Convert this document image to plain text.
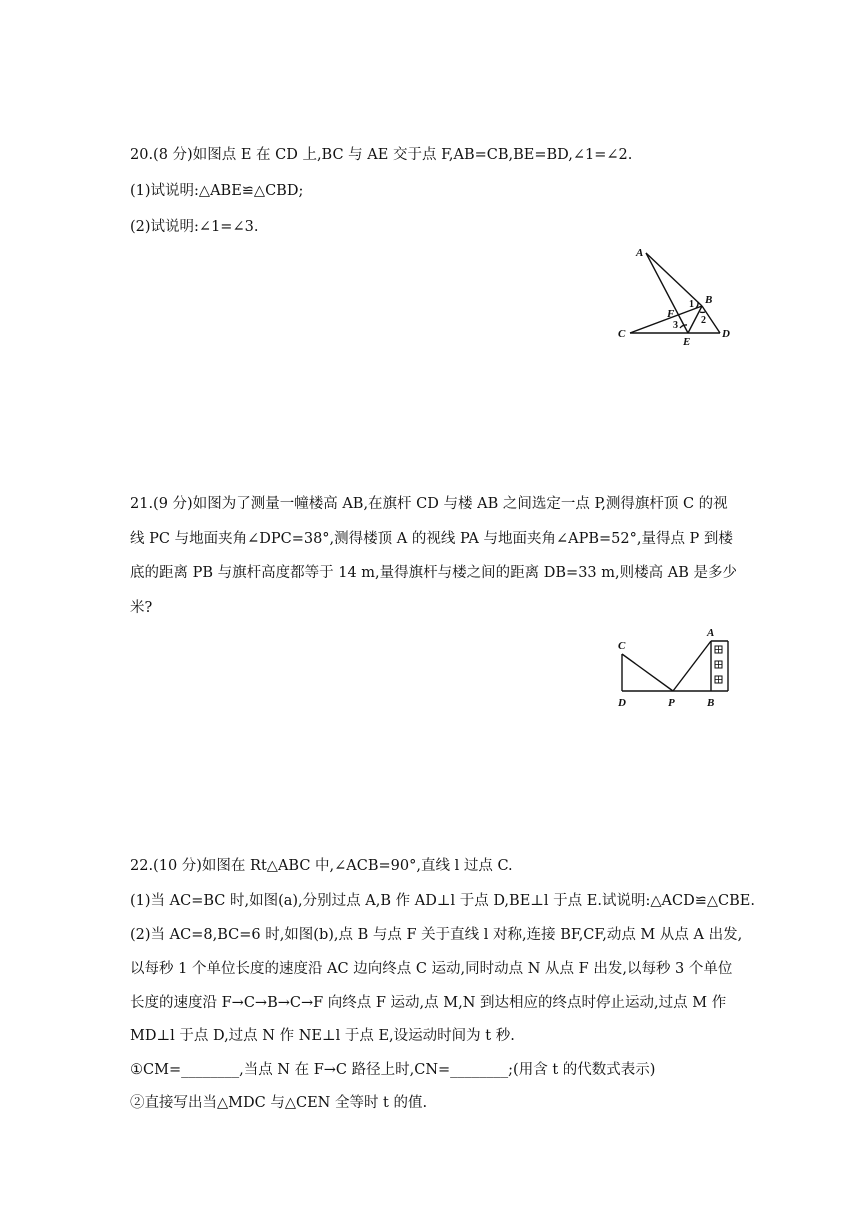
20.(8 分)如图点 E 在 CD 上,BC 与 AE 交于点 F,AB=CB,BE=BD,∠1=∠2.
(1)试说明:△ABE≌△CBD;
(2)试说明:∠1=∠3.
A
B
C	D
E
F
1
2
3
21.(9 分)如图为了测量一幢楼高 AB,在旗杆 CD 与楼 AB 之间选定一点 P,测得旗杆顶 C 的视
线 PC 与地面夹角∠DPC=38°,测得楼顶 A 的视线 PA 与地面夹角∠APB=52°,量得点 P 到楼
底的距离 PB 与旗杆高度都等于 14 m,量得旗杆与楼之间的距离 DB=33 m,则楼高 AB 是多少
米?
A
C
D	P	B
22.(10 分)如图在 Rt△ABC 中,∠ACB=90°,直线 l 过点 C.
(1)当 AC=BC 时,如图(a),分别过点 A,B 作 AD⊥l 于点 D,BE⊥l 于点 E.试说明:△ACD≌△CBE.
(2)当 AC=8,BC=6 时,如图(b),点 B 与点 F 关于直线 l 对称,连接 BF,CF,动点 M 从点 A 出发,
以每秒 1 个单位长度的速度沿 AC 边向终点 C 运动,同时动点 N 从点 F 出发,以每秒 3 个单位
长度的速度沿 F→C→B→C→F 向终点 F 运动,点 M,N 到达相应的终点时停止运动,过点 M 作
MD⊥l 于点 D,过点 N 作 NE⊥l 于点 E,设运动时间为 t 秒.
①CM=________,当点 N 在 F→C 路径上时,CN=________;(用含 t 的代数式表示)
②直接写出当△MDC 与△CEN 全等时 t 的值.
